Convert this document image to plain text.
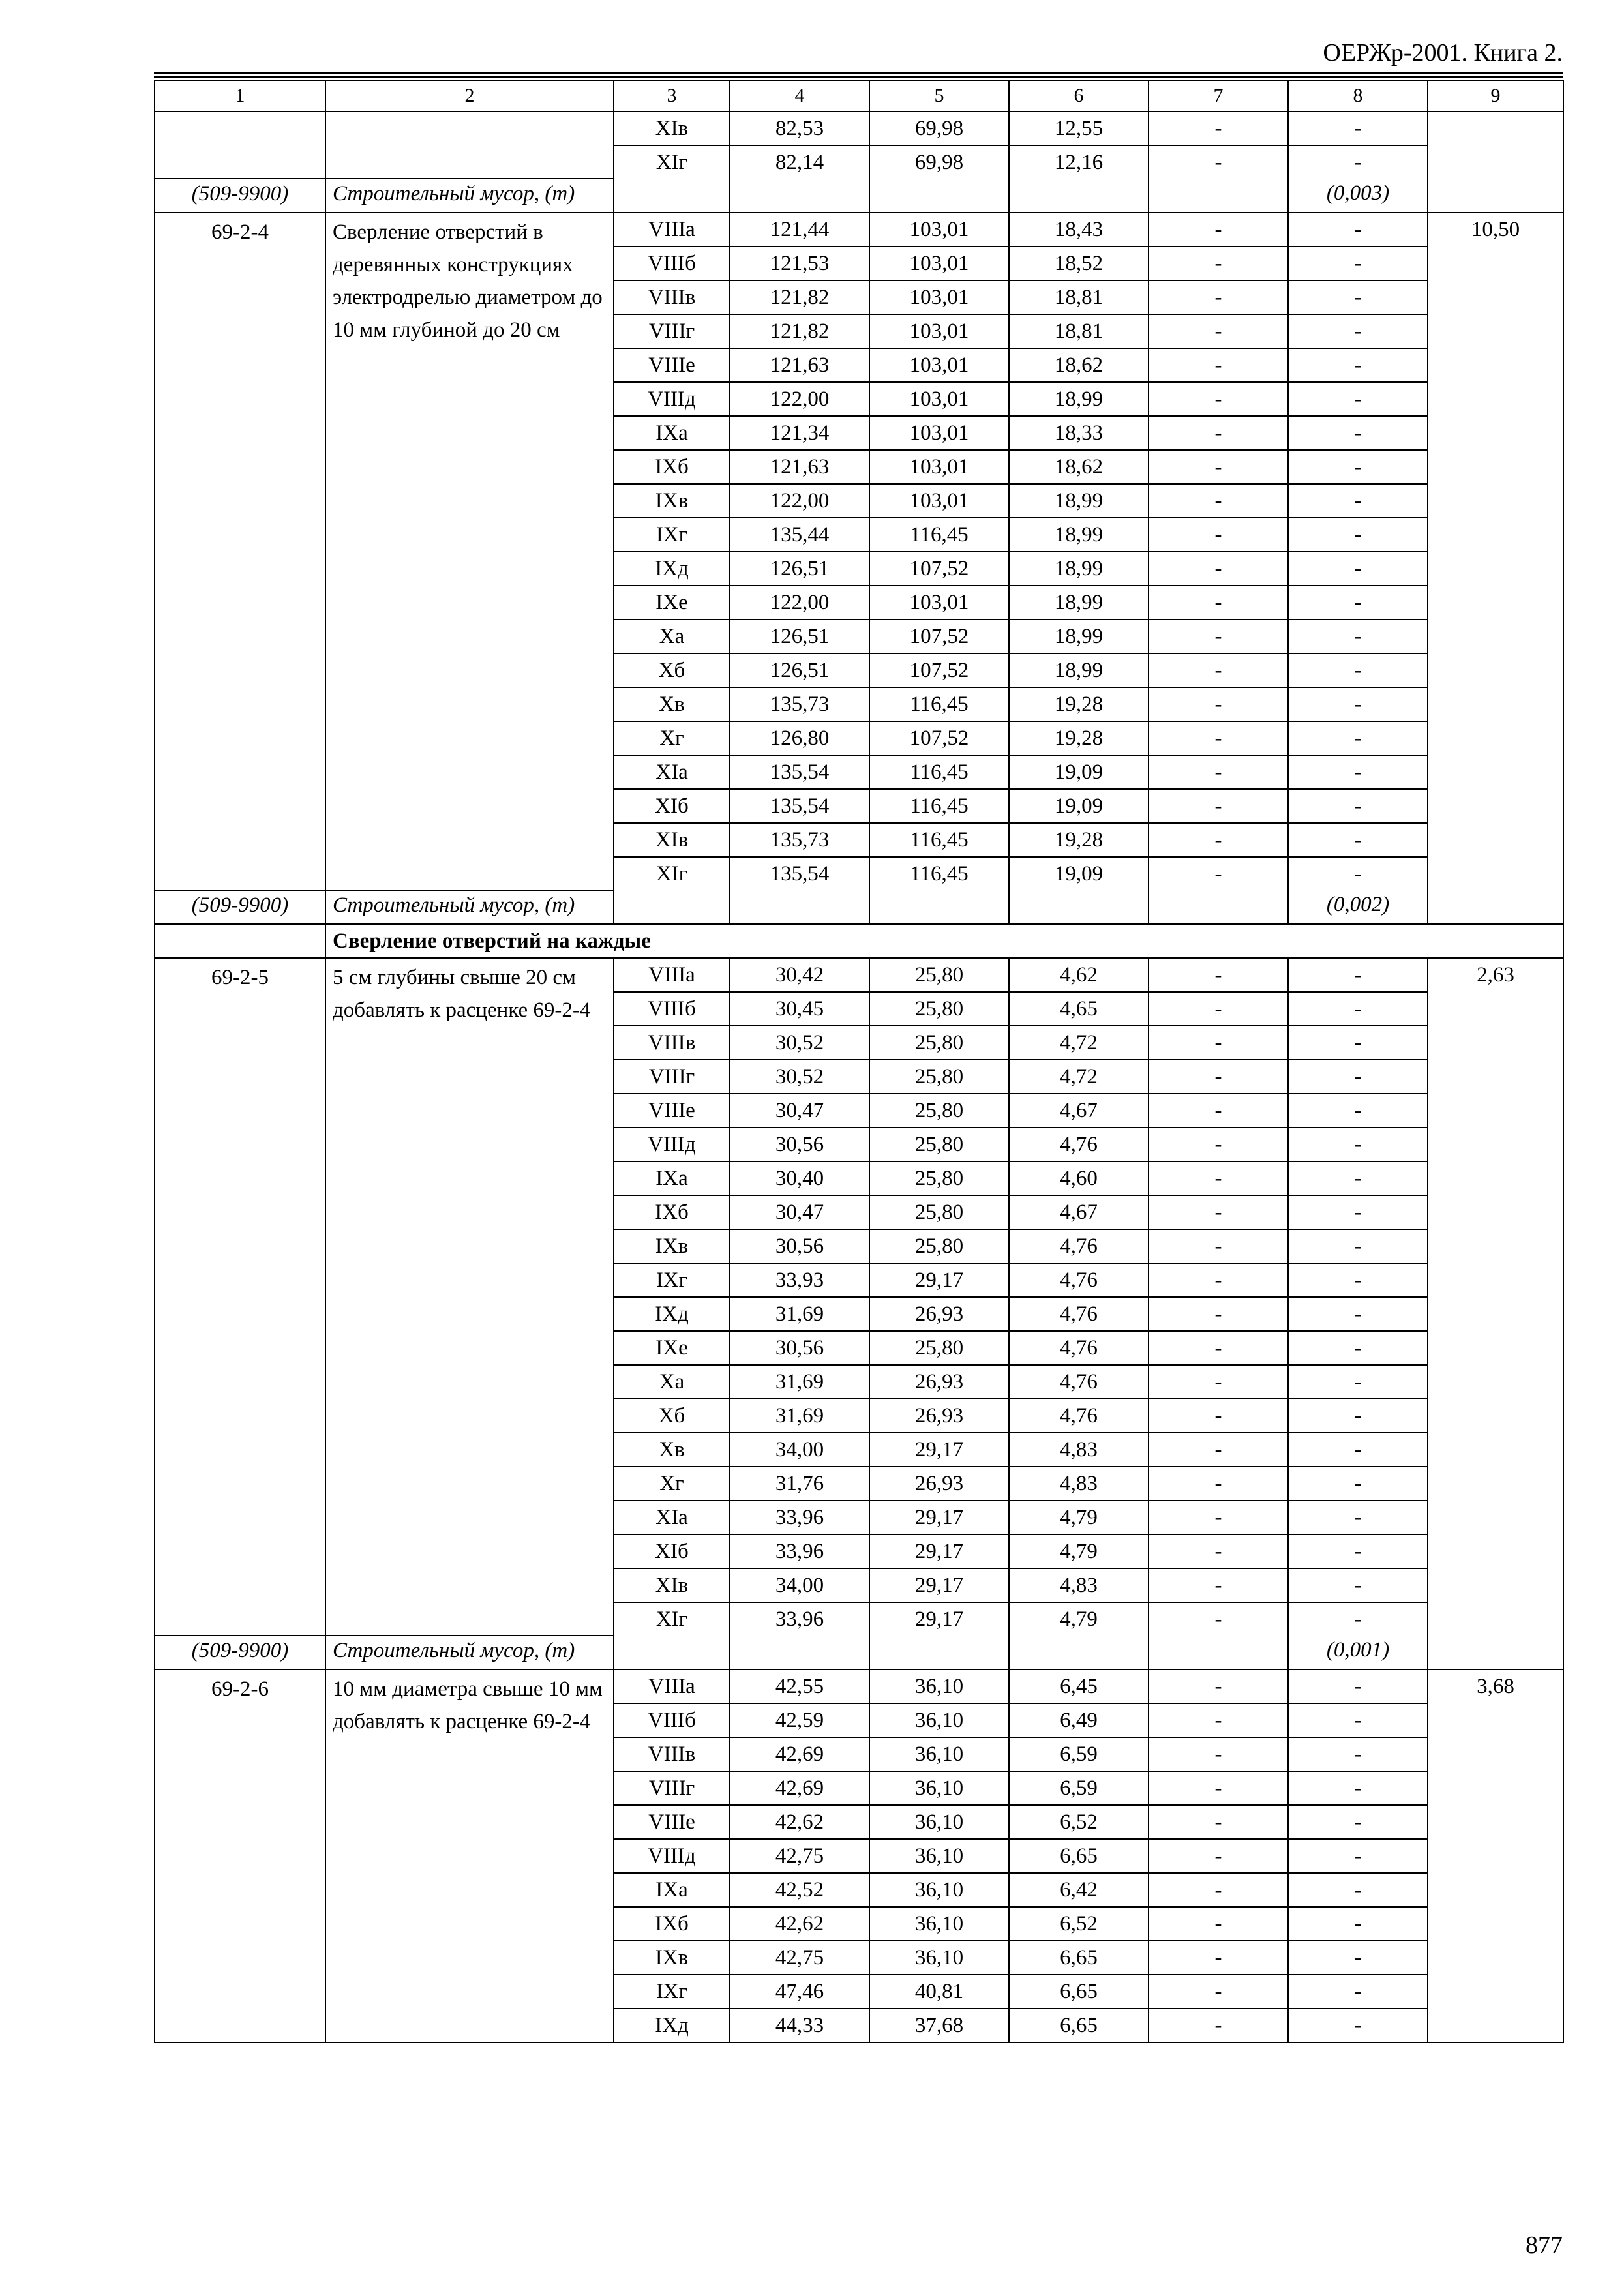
ОЕРЖр-2001. Книга 2.
1	2	3	4	5	6	7	8	9
		XIв	82,53	69,98	12,55	-	-	
		XIг	82,14	69,98	12,16	-	-	
(509-9900)	Строительный мусор, (т)						(0,003)	
69-2-4	Сверление отверстий в деревянных конструкциях электродрелью диаметром до 10 мм глубиной до 20 см	VIIIа	121,44	103,01	18,43	-	-	10,50
		VIIIб	121,53	103,01	18,52	-	-	
		VIIIв	121,82	103,01	18,81	-	-	
		VIIIг	121,82	103,01	18,81	-	-	
		VIIIе	121,63	103,01	18,62	-	-	
		VIIIд	122,00	103,01	18,99	-	-	
		IXа	121,34	103,01	18,33	-	-	
		IXб	121,63	103,01	18,62	-	-	
		IXв	122,00	103,01	18,99	-	-	
		IXг	135,44	116,45	18,99	-	-	
		IXд	126,51	107,52	18,99	-	-	
		IXе	122,00	103,01	18,99	-	-	
		Xа	126,51	107,52	18,99	-	-	
		Xб	126,51	107,52	18,99	-	-	
		Xв	135,73	116,45	19,28	-	-	
		Xг	126,80	107,52	19,28	-	-	
		XIа	135,54	116,45	19,09	-	-	
		XIб	135,54	116,45	19,09	-	-	
		XIв	135,73	116,45	19,28	-	-	
		XIг	135,54	116,45	19,09	-	-	
(509-9900)	Строительный мусор, (т)						(0,002)	
	Сверление отверстий на каждые							
69-2-5	5 см глубины свыше 20 см добавлять к расценке 69-2-4	VIIIа	30,42	25,80	4,62	-	-	2,63
		VIIIб	30,45	25,80	4,65	-	-	
		VIIIв	30,52	25,80	4,72	-	-	
		VIIIг	30,52	25,80	4,72	-	-	
		VIIIе	30,47	25,80	4,67	-	-	
		VIIIд	30,56	25,80	4,76	-	-	
		IXа	30,40	25,80	4,60	-	-	
		IXб	30,47	25,80	4,67	-	-	
		IXв	30,56	25,80	4,76	-	-	
		IXг	33,93	29,17	4,76	-	-	
		IXд	31,69	26,93	4,76	-	-	
		IXе	30,56	25,80	4,76	-	-	
		Xа	31,69	26,93	4,76	-	-	
		Xб	31,69	26,93	4,76	-	-	
		Xв	34,00	29,17	4,83	-	-	
		Xг	31,76	26,93	4,83	-	-	
		XIа	33,96	29,17	4,79	-	-	
		XIб	33,96	29,17	4,79	-	-	
		XIв	34,00	29,17	4,83	-	-	
		XIг	33,96	29,17	4,79	-	-	
(509-9900)	Строительный мусор, (т)						(0,001)	
69-2-6	10 мм диаметра свыше 10 мм добавлять к расценке 69-2-4	VIIIа	42,55	36,10	6,45	-	-	3,68
		VIIIб	42,59	36,10	6,49	-	-	
		VIIIв	42,69	36,10	6,59	-	-	
		VIIIг	42,69	36,10	6,59	-	-	
		VIIIе	42,62	36,10	6,52	-	-	
		VIIIд	42,75	36,10	6,65	-	-	
		IXа	42,52	36,10	6,42	-	-	
		IXб	42,62	36,10	6,52	-	-	
		IXв	42,75	36,10	6,65	-	-	
		IXг	47,46	40,81	6,65	-	-	
		IXд	44,33	37,68	6,65	-	-	
877
